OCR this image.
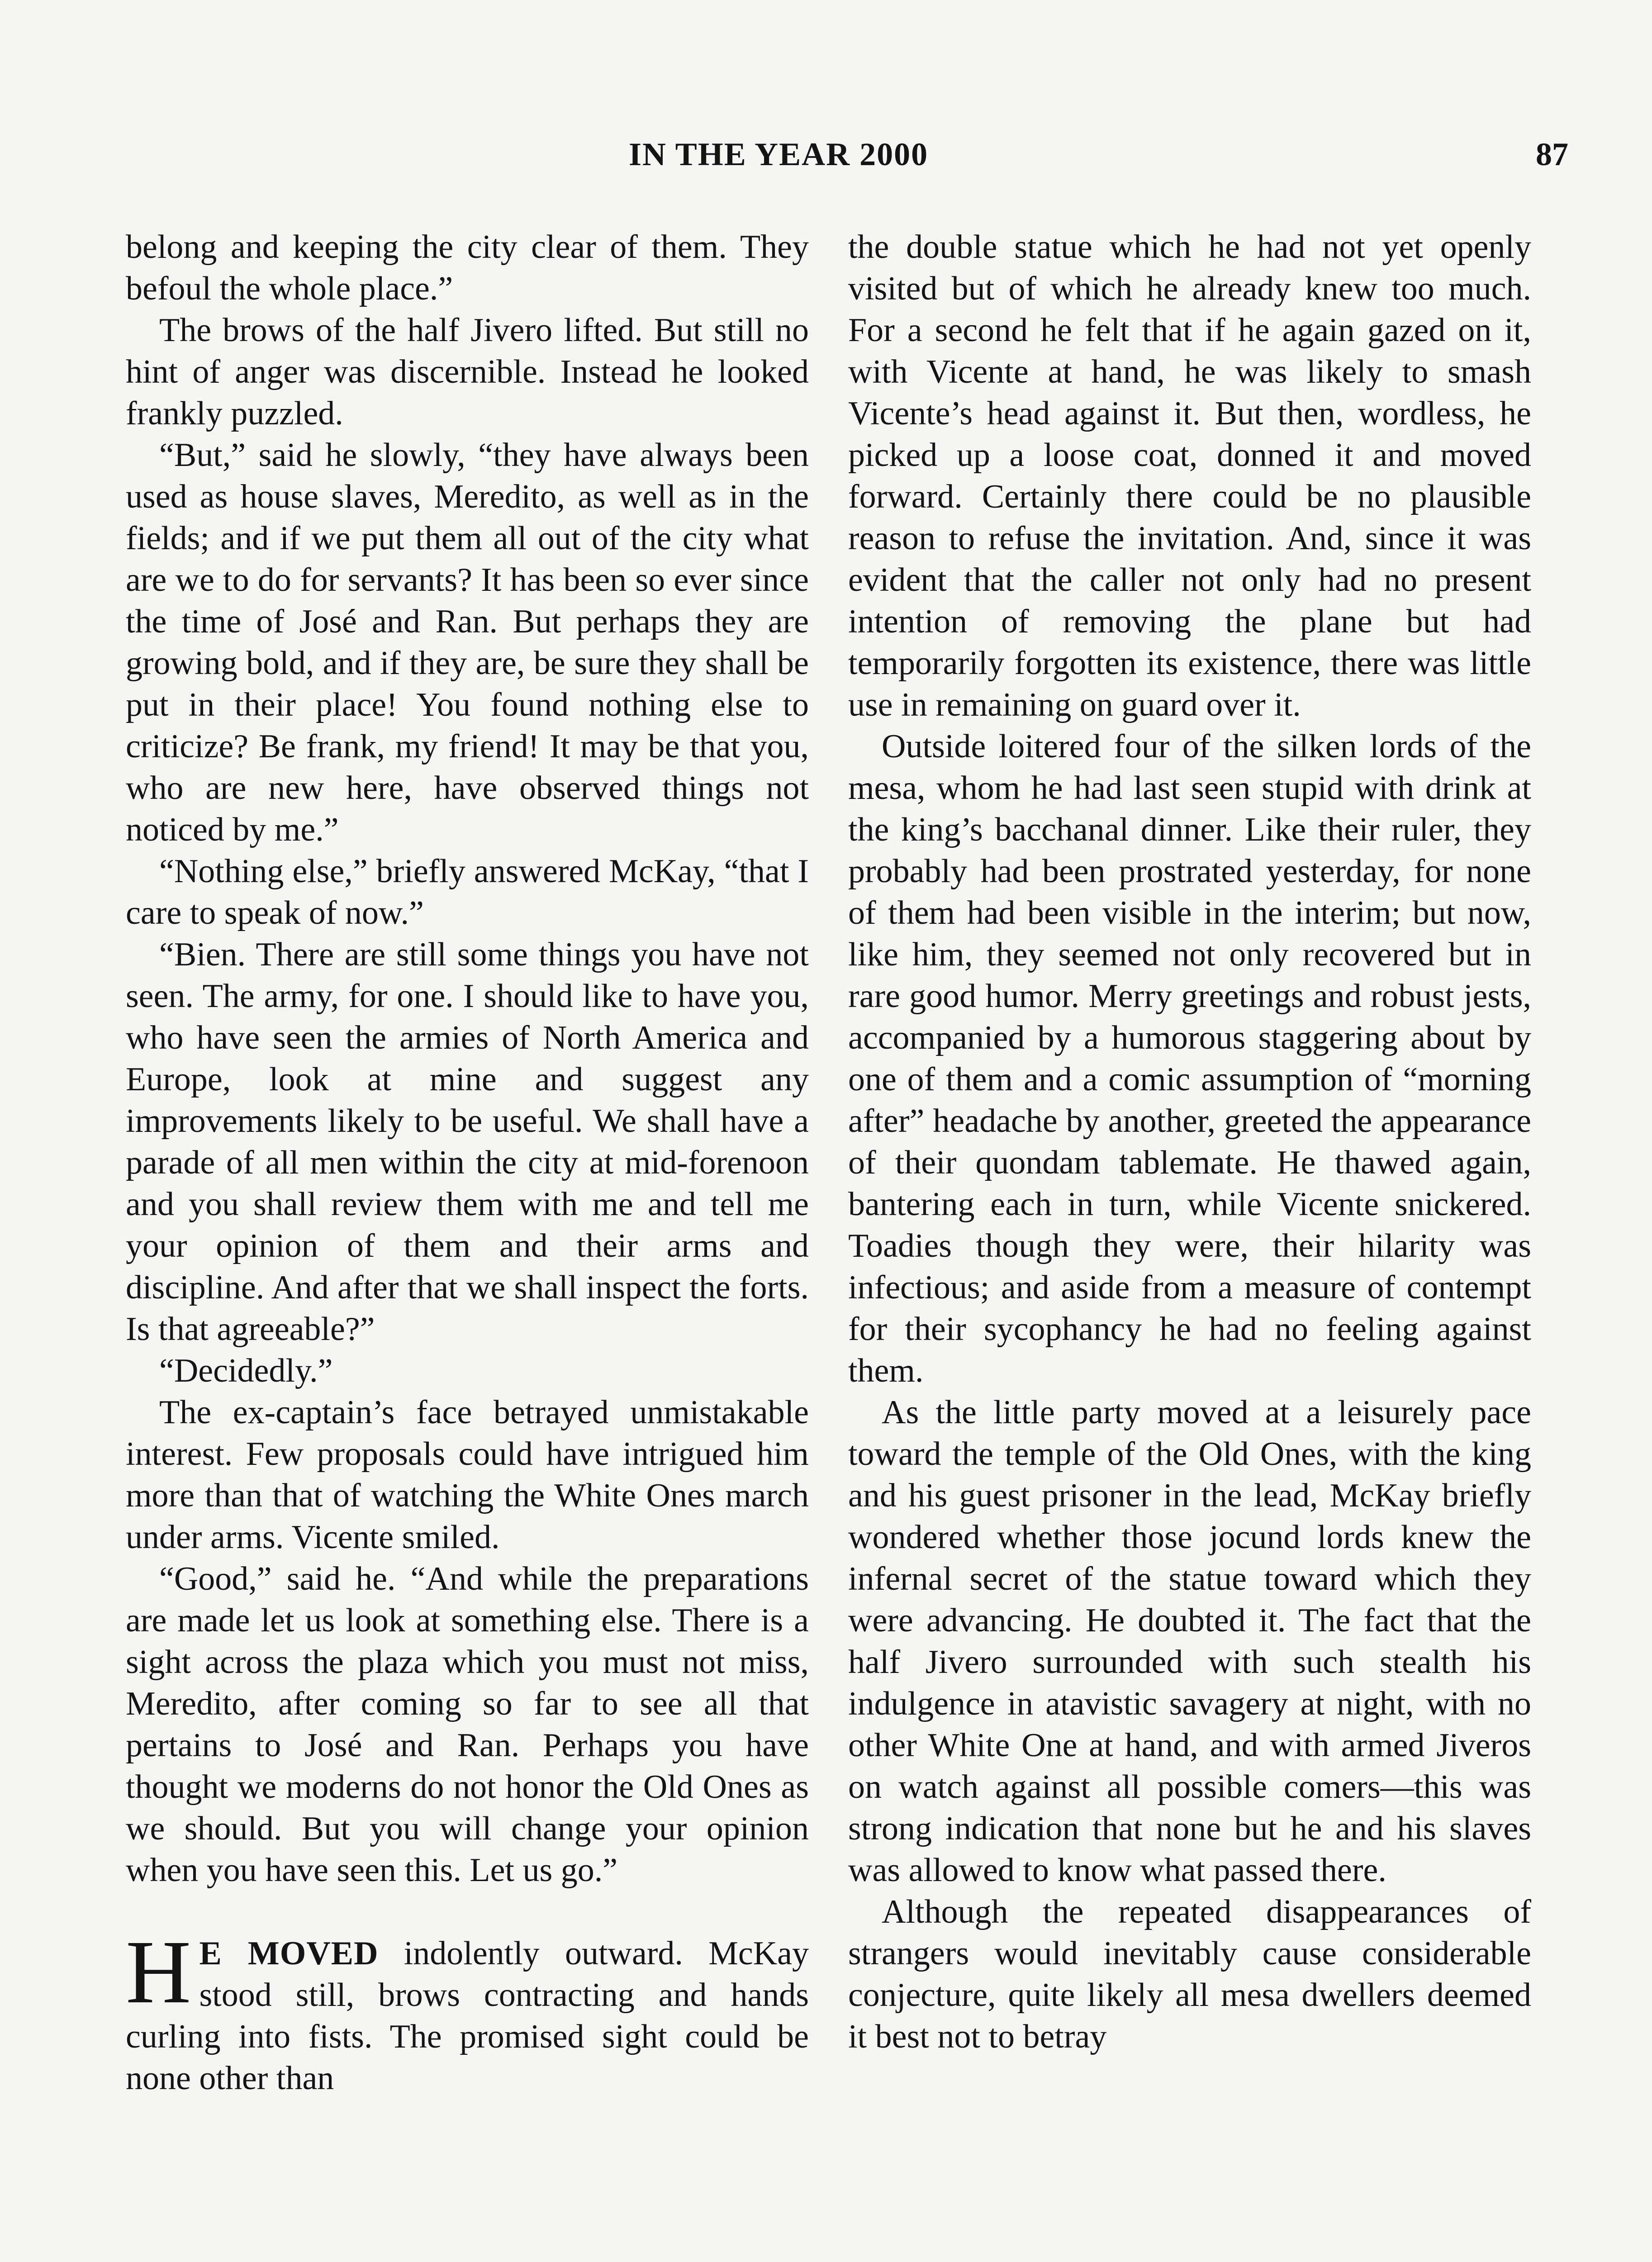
IN THE YEAR 2000	87

belong and keeping the city clear of them. They befoul the whole place.”

The brows of the half Jivero lifted. But still no hint of anger was discernible. Instead he looked frankly puzzled.

“But,” said he slowly, “they have always been used as house slaves, Meredito, as well as in the fields; and if we put them all out of the city what are we to do for servants? It has been so ever since the time of José and Ran. But perhaps they are growing bold, and if they are, be sure they shall be put in their place! You found nothing else to criticize? Be frank, my friend! It may be that you, who are new here, have observed things not noticed by me.”

“Nothing else,” briefly answered McKay, “that I care to speak of now.”

“Bien. There are still some things you have not seen. The army, for one. I should like to have you, who have seen the armies of North America and Europe, look at mine and suggest any improvements likely to be useful. We shall have a parade of all men within the city at mid-forenoon and you shall review them with me and tell me your opinion of them and their arms and discipline. And after that we shall inspect the forts. Is that agreeable?”

“Decidedly.”

The ex-captain’s face betrayed unmistakable interest. Few proposals could have intrigued him more than that of watching the White Ones march under arms. Vicente smiled.

“Good,” said he. “And while the preparations are made let us look at something else. There is a sight across the plaza which you must not miss, Meredito, after coming so far to see all that pertains to José and Ran. Perhaps you have thought we moderns do not honor the Old Ones as we should. But you will change your opinion when you have seen this. Let us go.”

H E MOVED indolently outward. McKay stood still, brows contracting and hands curling into fists. The promised sight could be none other than

the double statue which he had not yet openly visited but of which he already knew too much. For a second he felt that if he again gazed on it, with Vicente at hand, he was likely to smash Vicente’s head against it. But then, wordless, he picked up a loose coat, donned it and moved forward. Certainly there could be no plausible reason to refuse the invitation. And, since it was evident that the caller not only had no present intention of removing the plane but had temporarily forgotten its existence, there was little use in remaining on guard over it.

Outside loitered four of the silken lords of the mesa, whom he had last seen stupid with drink at the king’s bacchanal dinner. Like their ruler, they probably had been prostrated yesterday, for none of them had been visible in the interim; but now, like him, they seemed not only recovered but in rare good humor. Merry greetings and robust jests, accompanied by a humorous staggering about by one of them and a comic assumption of “morning after” headache by another, greeted the appearance of their quondam tablemate. He thawed again, bantering each in turn, while Vicente snickered. Toadies though they were, their hilarity was infectious; and aside from a measure of contempt for their sycophancy he had no feeling against them.

As the little party moved at a leisurely pace toward the temple of the Old Ones, with the king and his guest prisoner in the lead, McKay briefly wondered whether those jocund lords knew the infernal secret of the statue toward which they were advancing. He doubted it. The fact that the half Jivero surrounded with such stealth his indulgence in atavistic savagery at night, with no other White One at hand, and with armed Jiveros on watch against all possible comers—this was strong indication that none but he and his slaves was allowed to know what passed there.

Although the repeated disappearances of strangers would inevitably cause considerable conjecture, quite likely all mesa dwellers deemed it best not to betray
